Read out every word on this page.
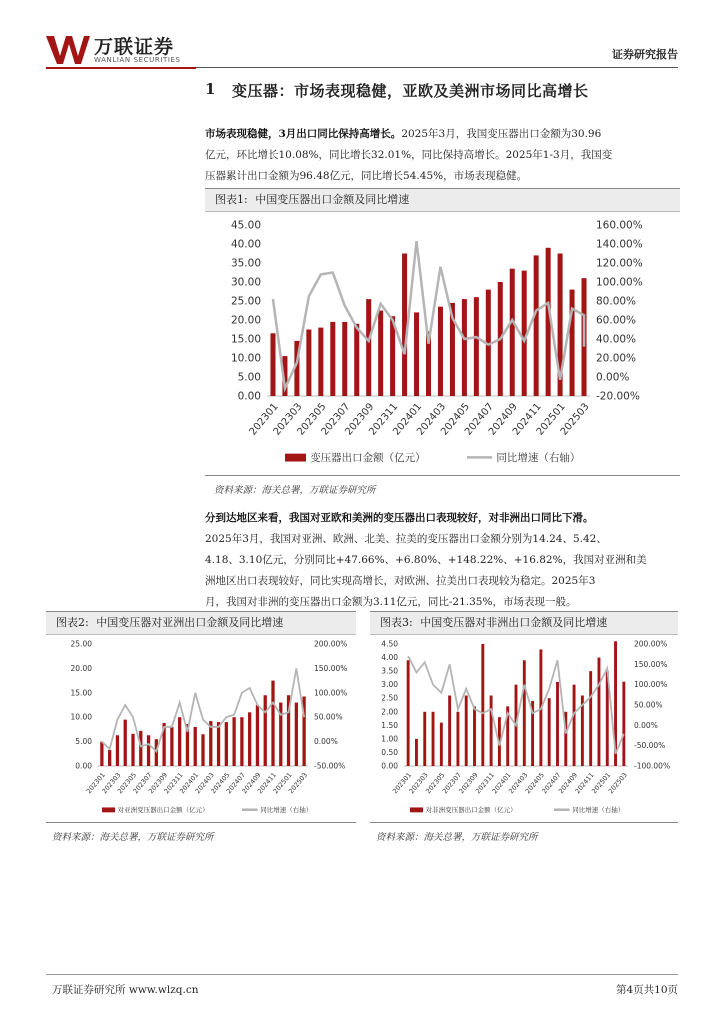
万联证券
WANLIAN SECURITIES	证券研究报告
1 变压器：市场表现稳健，亚欧及美洲市场同比高增长
市场表现稳健，3月出口同比保持高增长。2025年3月，我国变压器出口金额为30.96
亿元，环比增长10.08%，同比增长32.01%，同比保持高增长。2025年1-3月，我国变
压器累计出口金额为96.48亿元，同比增长54.45%，市场表现稳健。
图表1: 中国变压器出口金额及同比增速
45.00
40.00
35.00
30.00
25.00
20.00
15.00
10.00
5.00
0.00
160.00%
140.00%
120.00%
100.00%
80.00%
60.00%
40.00%
20.00%
0.00%
-20.00%
202301
202303
202305
202307
202309
202311
202401
202403
202405
202407
202409
202411
202501
202503
变压器出口金额（亿元）	同比增速（右轴）
资料来源：海关总署，万联证券研究所
分到达地区来看，我国对亚欧和美洲的变压器出口表现较好，对非洲出口同比下滑。
2025年3月，我国对亚洲、欧洲、北美、拉美的变压器出口金额分别为14.24、5.42、
4.18、3.10亿元，分别同比+47.66%、+6.80%、+148.22%、+16.82%，我国对亚洲和美
洲地区出口表现较好，同比实现高增长，对欧洲、拉美出口表现较为稳定。2025年3
月，我国对非洲的变压器出口金额为3.11亿元，同比-21.35%，市场表现一般。
图表2: 中国变压器对亚洲出口金额及同比增速
25.00
20.00
15.00
10.00
5.00
0.00
200.00%
150.00%
100.00%
50.00%
0.00%
-50.00%
202301
202303
202305
202307
202309
202311
202401
202403
202405
202407
202409
202411
202501
202503
对亚洲变压器出口金额（亿元）	同比增速（右轴）
资料来源：海关总署，万联证券研究所
图表3: 中国变压器对非洲出口金额及同比增速
4.50
4.00
3.50
3.00
2.50
2.00
1.50
1.00
0.50
0.00
200.00%
150.00%
100.00%
50.00%
0.00%
-50.00%
-100.00%
202301
202303
202305
202307
202309
202311
202401
202403
202405
202407
202409
202411
202501
202503
对非洲变压器出口金额（亿元）	同比增速（右轴）
资料来源：海关总署，万联证券研究所
万联证券研究所 www.wlzq.cn	第4页共10页
